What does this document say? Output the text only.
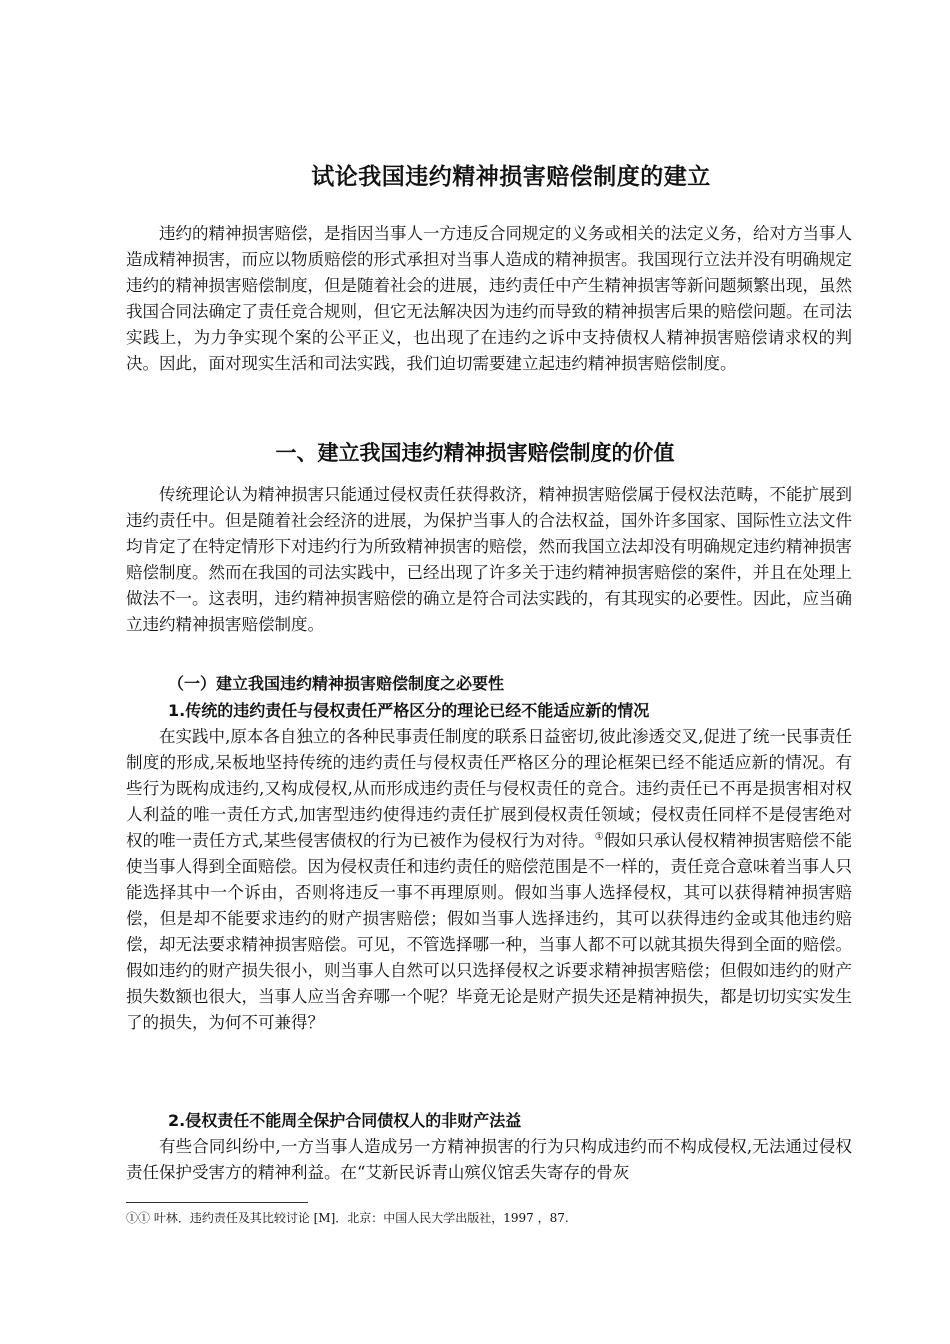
试论我国违约精神损害赔偿制度的建立

违约的精神损害赔偿，是指因当事人一方违反合同规定的义务或相关的法定义务，给对方当事人造成精神损害，而应以物质赔偿的形式承担对当事人造成的精神损害。我国现行立法并没有明确规定违约的精神损害赔偿制度，但是随着社会的进展，违约责任中产生精神损害等新问题频繁出现，虽然我国合同法确定了责任竞合规则，但它无法解决因为违约而导致的精神损害后果的赔偿问题。在司法实践上，为力争实现个案的公平正义，也出现了在违约之诉中支持债权人精神损害赔偿请求权的判决。因此，面对现实生活和司法实践，我们迫切需要建立起违约精神损害赔偿制度。

一、建立我国违约精神损害赔偿制度的价值

传统理论认为精神损害只能通过侵权责任获得救济，精神损害赔偿属于侵权法范畴，不能扩展到违约责任中。但是随着社会经济的进展，为保护当事人的合法权益，国外许多国家、国际性立法文件均肯定了在特定情形下对违约行为所致精神损害的赔偿，然而我国立法却没有明确规定违约精神损害赔偿制度。然而在我国的司法实践中，已经出现了许多关于违约精神损害赔偿的案件，并且在处理上做法不一。这表明，违约精神损害赔偿的确立是符合司法实践的，有其现实的必要性。因此，应当确立违约精神损害赔偿制度。

（一）建立我国违约精神损害赔偿制度之必要性
1.传统的违约责任与侵权责任严格区分的理论已经不能适应新的情况

在实践中,原本各自独立的各种民事责任制度的联系日益密切,彼此渗透交叉,促进了统一民事责任制度的形成,呆板地坚持传统的违约责任与侵权责任严格区分的理论框架已经不能适应新的情况。有些行为既构成违约,又构成侵权,从而形成违约责任与侵权责任的竞合。违约责任已不再是损害相对权人利益的唯一责任方式,加害型违约使得违约责任扩展到侵权责任领域；侵权责任同样不是侵害绝对权的唯一责任方式,某些侵害债权的行为已被作为侵权行为对待。①假如只承认侵权精神损害赔偿不能使当事人得到全面赔偿。因为侵权责任和违约责任的赔偿范围是不一样的，责任竞合意味着当事人只能选择其中一个诉由，否则将违反一事不再理原则。假如当事人选择侵权，其可以获得精神损害赔偿，但是却不能要求违约的财产损害赔偿；假如当事人选择违约，其可以获得违约金或其他违约赔偿，却无法要求精神损害赔偿。可见，不管选择哪一种，当事人都不可以就其损失得到全面的赔偿。假如违约的财产损失很小，则当事人自然可以只选择侵权之诉要求精神损害赔偿；但假如违约的财产损失数额也很大，当事人应当舍弃哪一个呢？毕竟无论是财产损失还是精神损失，都是切切实实发生了的损失，为何不可兼得？

2.侵权责任不能周全保护合同债权人的非财产法益

有些合同纠纷中,一方当事人造成另一方精神损害的行为只构成违约而不构成侵权,无法通过侵权责任保护受害方的精神利益。在“艾新民诉青山殡仪馆丢失寄存的骨灰

①① 叶林．违约责任及其比较讨论 [M]．北京：中国人民大学出版社，1997 ，87.
